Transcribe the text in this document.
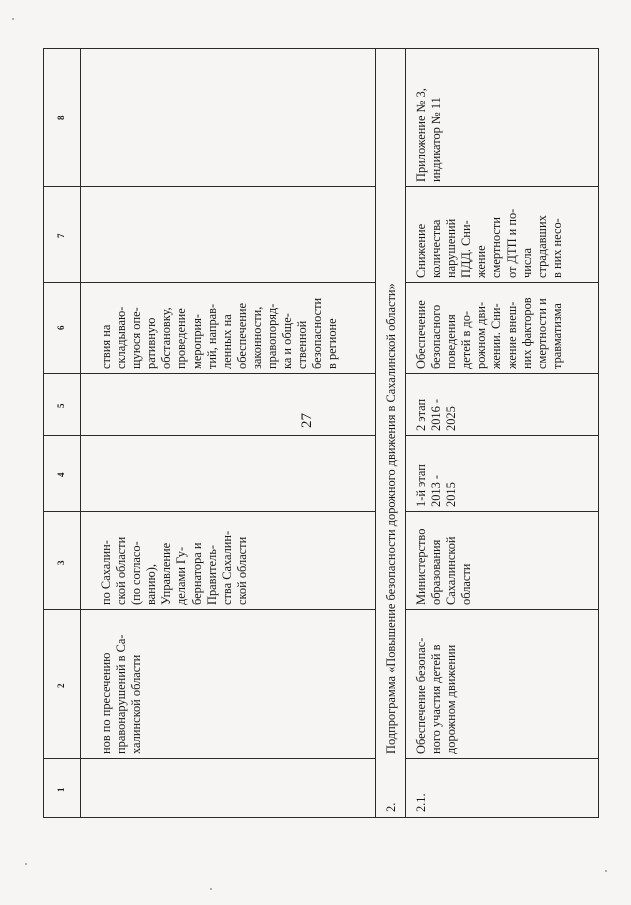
27
1
2
3
4
5
6
7
8
нов по пресечению
правонарушений в Са-
халинской области
по Сахалин-
ской области
(по согласо-
ванию),
Управление
делами Гу-
бернатора и
Правитель-
ства Сахалин-
ской области
ствия на
складываю-
щуюся опе-
ративную
обстановку,
проведение
мероприя-
тий, направ-
ленных на
обеспечение
законности,
правопоряд-
ка и обще-
ственной
безопасности
в регионе
2.
Подпрограмма «Повышение безопасности дорожного движения в Сахалинской области»
2.1.
Обеспечение безопас-
ного участия детей в
дорожном движении
Министерство
образования
Сахалинской
области
1-й этап
2013 -
2015
2 этап
2016 -
2025
Обеспечение
безопасного
поведения
детей в до-
рожном дви-
жении. Сни-
жение внеш-
них факторов
смертности и
травматизма
Снижение
количества
нарушений
ПДД. Сни-
жение
смертности
от ДТП и по-
числа
страдавших
в них несо-
Приложение № 3,
индикатор № 11
